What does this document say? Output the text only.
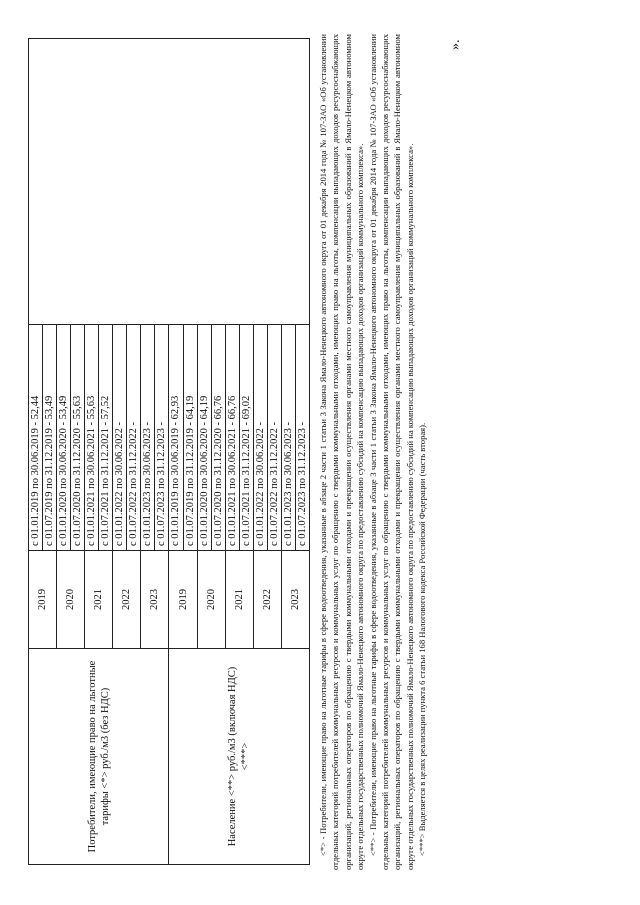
Потребители, имеющие право на льготные тарифы <*> руб./м3 (без НДС)	2019	с 01.01.2019 по 30.06.2019 - 52,44	
		с 01.07.2019 по 31.12.2019 - 53,49	
	2020	с 01.01.2020 по 30.06.2020 - 53,49	
		с 01.07.2020 по 31.12.2020 - 55,63	
	2021	с 01.01.2021 по 30.06.2021 - 55,63	
		с 01.07.2021 по 31.12.2021 - 57,52	
	2022	с 01.01.2022 по 30.06.2022 -	
		с 01.07.2022 по 31.12.2022 -	
	2023	с 01.01.2023 по 30.06.2023 -	
		с 01.07.2023 по 31.12.2023 -	
Население <**> руб./м3 (включая НДС) <***>	2019	с 01.01.2019 по 30.06.2019 - 62,93	
		с 01.07.2019 по 31.12.2019 - 64,19	
	2020	с 01.01.2020 по 30.06.2020 - 64,19	
		с 01.07.2020 по 31.12.2020 - 66,76	
	2021	с 01.01.2021 по 30.06.2021 - 66,76	
		с 01.07.2021 по 31.12.2021 - 69,02	
	2022	с 01.01.2022 по 30.06.2022 -	
		с 01.07.2022 по 31.12.2022 -	
	2023	с 01.01.2023 по 30.06.2023 -	
		с 01.07.2023 по 31.12.2023 -	<*> - Потребители, имеющие право на льготные тарифы в сфере водоотведения, указанные в абзаце 2 части 1 статьи 3 Закона Ямало-Ненецкого автономного округа от 01 декабря 2014 года № 107-ЗАО «Об установлении отдельных категорий потребителей коммунальных ресурсов и коммунальных услуг по обращению с твердыми коммунальными отходами, имеющих право на льготы, компенсации выпадающих доходов ресурсоснабжающих организаций, региональных операторов по обращению с твердыми коммунальными отходами и прекращении осуществления органами местного самоуправления муниципальных образований в Ямало-Ненецком автономном округе отдельных государственных полномочий Ямало-Ненецкого автономного округа по предоставлению субсидий на компенсацию выпадающих доходов организаций коммунального комплекса». <**> - Потребители, имеющие право на льготные тарифы в сфере водоотведения, указанные в абзаце 3 части 1 статьи 3 Закона Ямало-Ненецкого автономного округа от 01 декабря 2014 года № 107-ЗАО «Об установлении отдельных категорий потребителей коммунальных ресурсов и коммунальных услуг по обращению с твердыми коммунальными отходами, имеющих право на льготы, компенсации выпадающих доходов ресурсоснабжающих организаций, региональных операторов по обращению с твердыми коммунальными отходами и прекращении осуществления органами местного самоуправления муниципальных образований в Ямало-Ненецком автономном округе отдельных государственных полномочий Ямало-Ненецкого автономного округа по предоставлению субсидий на компенсацию выпадающих доходов организаций коммунального комплекса». <***> Выделяется в целях реализации пункта 6 статьи 168 Налогового кодекса Российской Федерации (часть вторая).

».
